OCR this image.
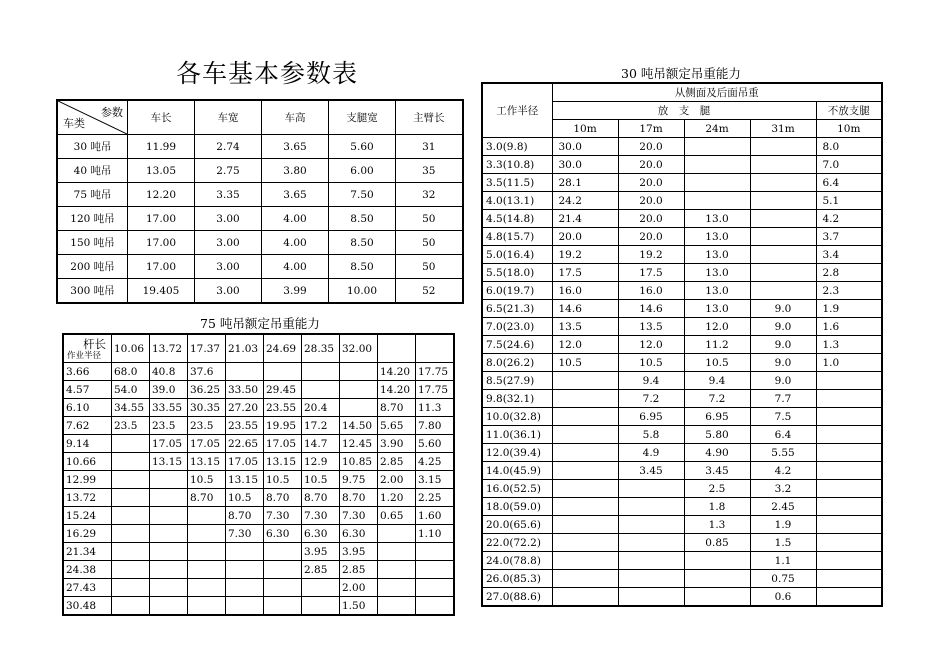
各车基本参数表
参数
车类	车长	车宽	车高	支腿宽	主臂长
30 吨吊	11.99	2.74	3.65	5.60	31
40 吨吊	13.05	2.75	3.80	6.00	35
75 吨吊	12.20	3.35	3.65	7.50	32
120 吨吊	17.00	3.00	4.00	8.50	50
150 吨吊	17.00	3.00	4.00	8.50	50
200 吨吊	17.00	3.00	4.00	8.50	50
300 吨吊	19.405	3.00	3.99	10.00	52
75 吨吊额定吊重能力
杆长
作业半径	10.06	13.72	17.37	21.03	24.69	28.35	32.00		
3.66	68.0	40.8	37.6					14.20	17.75
4.57	54.0	39.0	36.25	33.50	29.45			14.20	17.75
6.10	34.55	33.55	30.35	27.20	23.55	20.4		8.70	11.3
7.62	23.5	23.5	23.5	23.55	19.95	17.2	14.50	5.65	7.80
9.14		17.05	17.05	22.65	17.05	14.7	12.45	3.90	5.60
10.66		13.15	13.15	17.05	13.15	12.9	10.85	2.85	4.25
12.99			10.5	13.15	10.5	10.5	9.75	2.00	3.15
13.72			8.70	10.5	8.70	8.70	8.70	1.20	2.25
15.24				8.70	7.30	7.30	7.30	0.65	1.60
16.29				7.30	6.30	6.30	6.30		1.10
21.34						3.95	3.95		
24.38						2.85	2.85		
27.43							2.00		
30.48							1.50		
30 吨吊额定吊重能力
工作半径	从侧面及后面吊重				
	放　支　腿				不放支腿
	10m	17m	24m	31m	10m
3.0(9.8)	30.0	20.0			8.0
3.3(10.8)	30.0	20.0			7.0
3.5(11.5)	28.1	20.0			6.4
4.0(13.1)	24.2	20.0			5.1
4.5(14.8)	21.4	20.0	13.0		4.2
4.8(15.7)	20.0	20.0	13.0		3.7
5.0(16.4)	19.2	19.2	13.0		3.4
5.5(18.0)	17.5	17.5	13.0		2.8
6.0(19.7)	16.0	16.0	13.0		2.3
6.5(21.3)	14.6	14.6	13.0	9.0	1.9
7.0(23.0)	13.5	13.5	12.0	9.0	1.6
7.5(24.6)	12.0	12.0	11.2	9.0	1.3
8.0(26.2)	10.5	10.5	10.5	9.0	1.0
8.5(27.9)		9.4	9.4	9.0	
9.8(32.1)		7.2	7.2	7.7	
10.0(32.8)		6.95	6.95	7.5	
11.0(36.1)		5.8	5.80	6.4	
12.0(39.4)		4.9	4.90	5.55	
14.0(45.9)		3.45	3.45	4.2	
16.0(52.5)			2.5	3.2	
18.0(59.0)			1.8	2.45	
20.0(65.6)			1.3	1.9	
22.0(72.2)			0.85	1.5	
24.0(78.8)				1.1	
26.0(85.3)				0.75	
27.0(88.6)				0.6	
